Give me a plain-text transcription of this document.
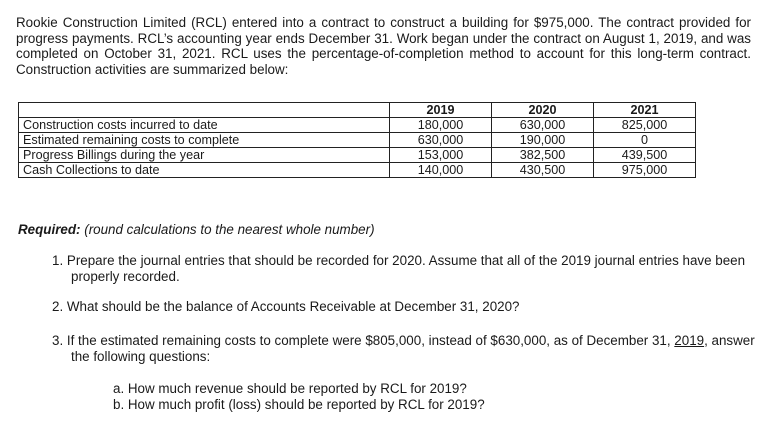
Rookie Construction Limited (RCL) entered into a contract to construct a building for $975,000. The contract provided for progress payments. RCL’s accounting year ends December 31. Work began under the contract on August 1, 2019, and was completed on October 31, 2021. RCL uses the percentage-of-completion method to account for this long-term contract. Construction activities are summarized below:
	2019	2020	2021
Construction costs incurred to date	180,000	630,000	825,000
Estimated remaining costs to complete	630,000	190,000	0
Progress Billings during the year	153,000	382,500	439,500
Cash Collections to date	140,000	430,500	975,000
Required: (round calculations to the nearest whole number)
1. Prepare the journal entries that should be recorded for 2020. Assume that all of the 2019 journal entries have been properly recorded.
2. What should be the balance of Accounts Receivable at December 31, 2020?
3. If the estimated remaining costs to complete were $805,000, instead of $630,000, as of December 31, 2019, answer the following questions:
a. How much revenue should be reported by RCL for 2019?
b. How much profit (loss) should be reported by RCL for 2019?
